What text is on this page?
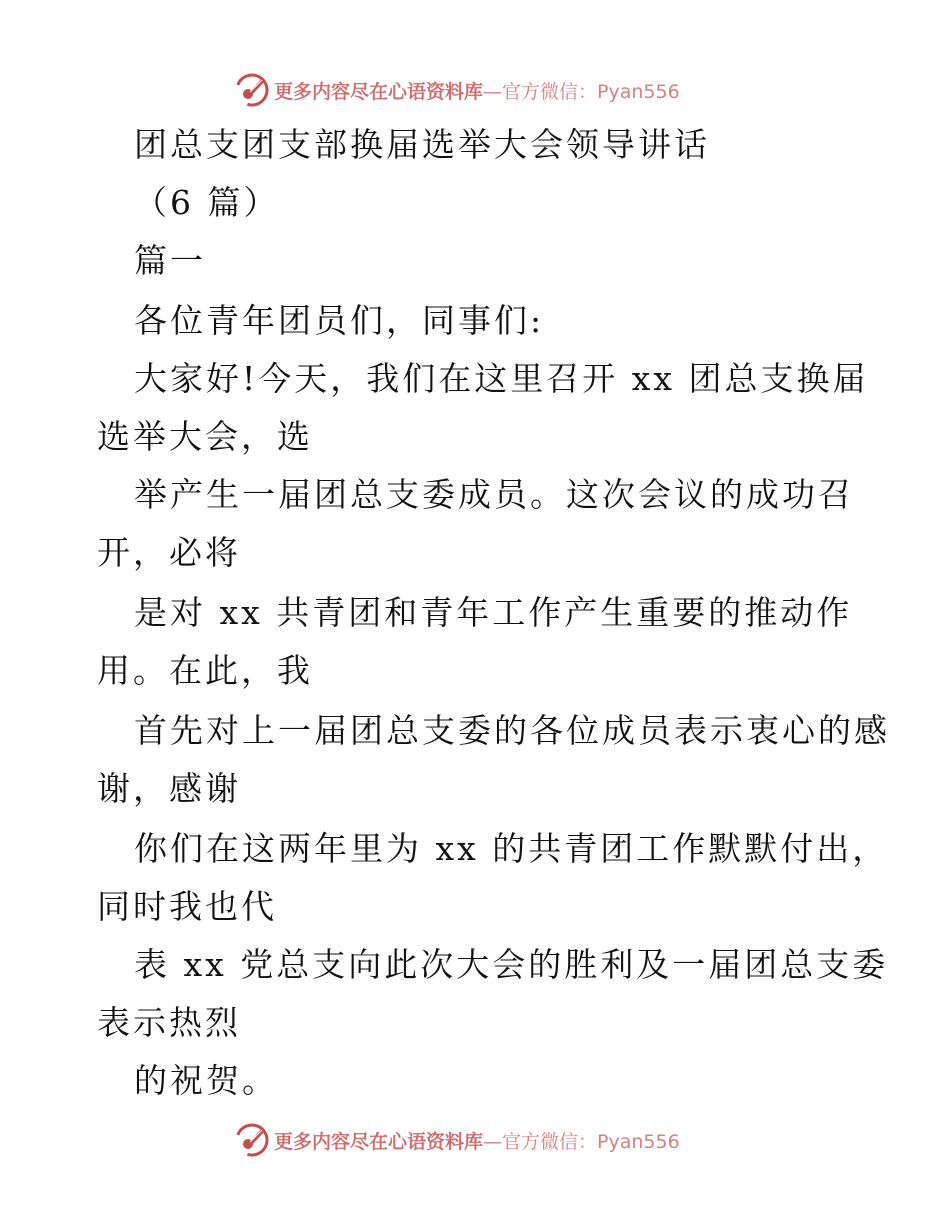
更多内容尽在心语资料库—官方微信：Pyan556
团总支团支部换届选举大会领导讲话
（6 篇）
篇一
各位青年团员们，同事们:
大家好!今天，我们在这里召开 xx 团总支换届
选举大会，选
举产生一届团总支委成员。这次会议的成功召
开，必将
是对 xx 共青团和青年工作产生重要的推动作
用。在此，我
首先对上一届团总支委的各位成员表示衷心的感
谢，感谢
你们在这两年里为 xx 的共青团工作默默付出，
同时我也代
表 xx 党总支向此次大会的胜利及一届团总支委
表示热烈
的祝贺。
更多内容尽在心语资料库—官方微信：Pyan556
